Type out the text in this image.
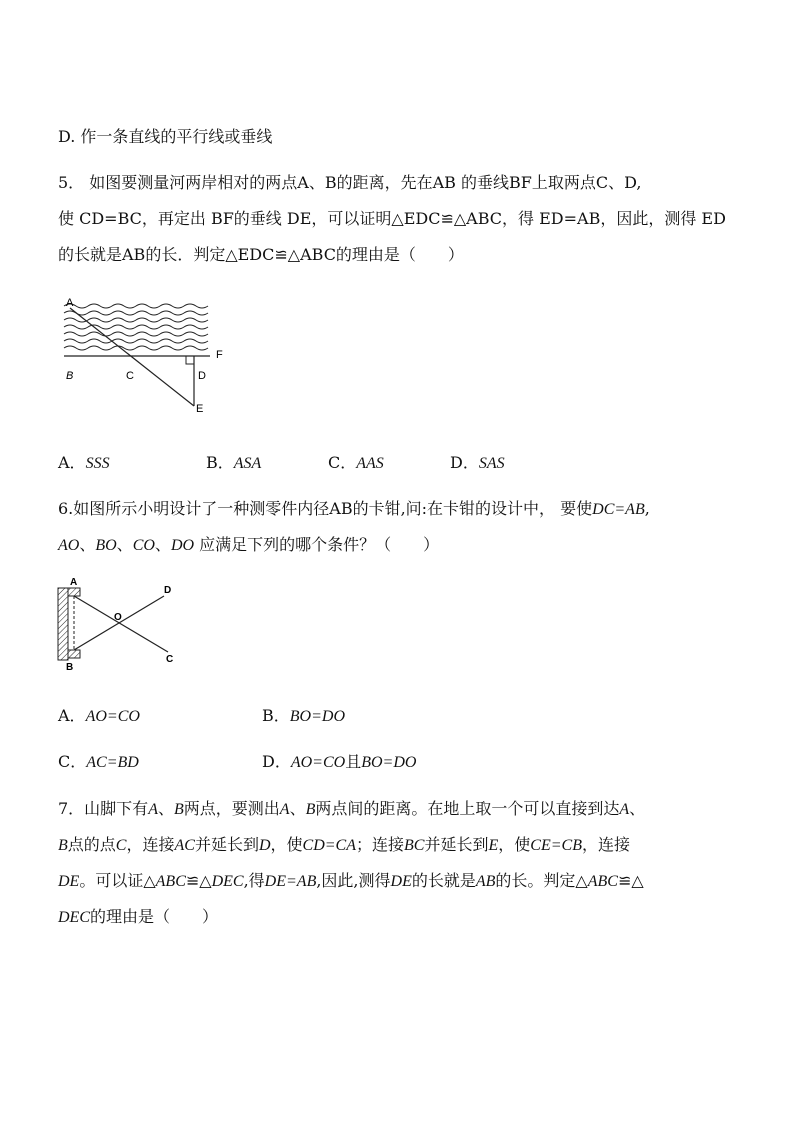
D. 作一条直线的平行线或垂线
5． 如图要测量河两岸相对的两点A、B的距离，先在AB 的垂线BF上取两点C、D,
使 CD=BC，再定出 BF的垂线 DE，可以证明△EDC≌△ABC，得 ED=AB，因此，测得 ED
的长就是AB的长．判定△EDC≌△ABC的理由是（　　）
A
B	C	D
F
E
A．SSS	B．ASA	C．AAS	D．SAS
6.如图所示小明设计了一种测零件内径AB的卡钳,问:在卡钳的设计中， 要使DC=AB,
AO、BO、CO、DO 应满足下列的哪个条件？（　　）
A
B
D
C
O
A．AO=CO	B．BO=DO
C．AC=BD	D．AO=CO且BO=DO
7．山脚下有A、B两点，要测出A、B两点间的距离。在地上取一个可以直接到达A、
B点的点C，连接AC并延长到D，使CD=CA；连接BC并延长到E，使CE=CB，连接
DE。可以证△ABC≌△DEC,得DE=AB,因此,测得DE的长就是AB的长。判定△ABC≌△
DEC的理由是（　　）
